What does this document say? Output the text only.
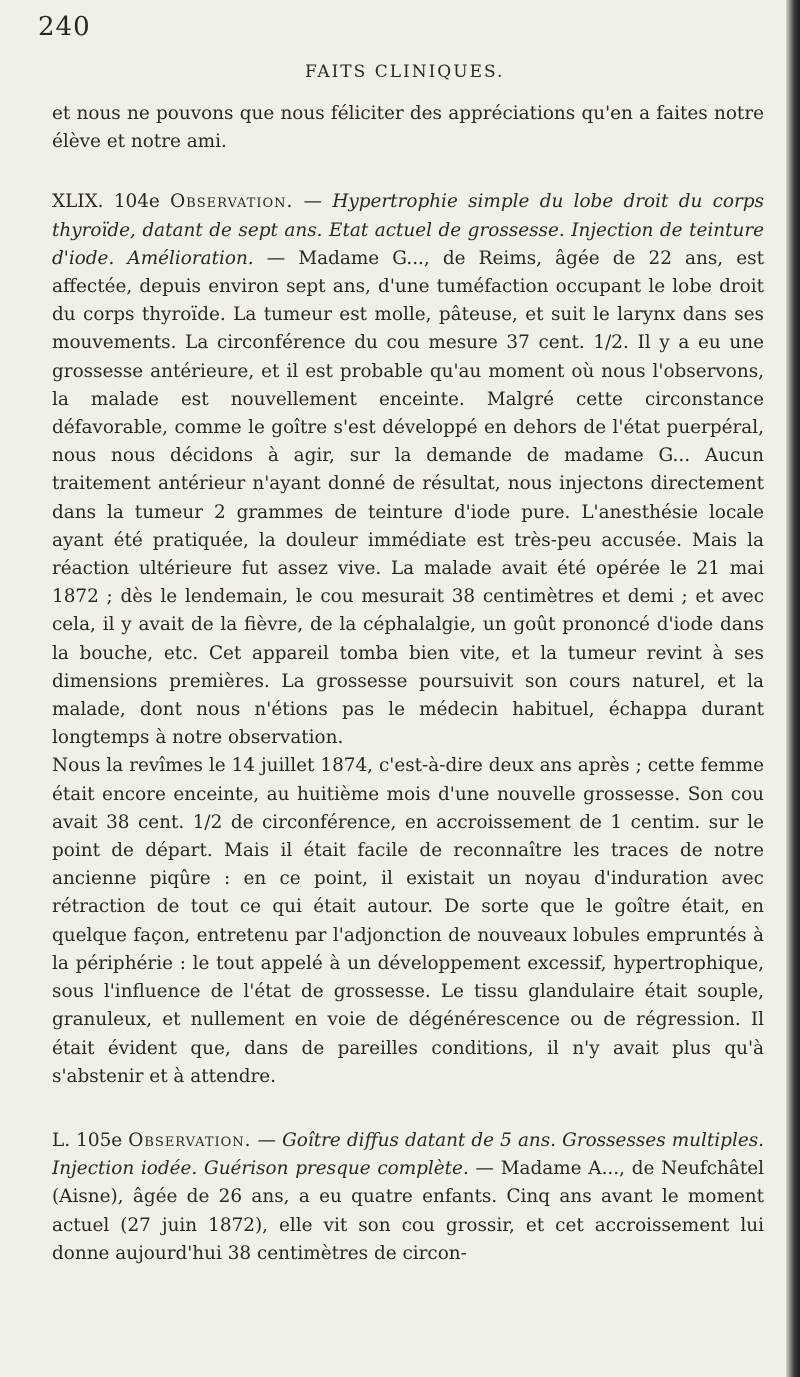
240
FAITS CLINIQUES.

et nous ne pouvons que nous féliciter des appréciations qu'en a faites notre élève et notre ami.

XLIX. 104e Observation. — Hypertrophie simple du lobe droit du corps thyroïde, datant de sept ans. Etat actuel de grossesse. Injection de teinture d'iode. Amélioration. — Madame G..., de Reims, âgée de 22 ans, est affectée, depuis environ sept ans, d'une tuméfaction occupant le lobe droit du corps thyroïde. La tumeur est molle, pâteuse, et suit le larynx dans ses mouvements. La circonférence du cou mesure 37 cent. 1/2. Il y a eu une grossesse antérieure, et il est probable qu'au moment où nous l'observons, la malade est nouvellement enceinte. Malgré cette circonstance défavorable, comme le goître s'est développé en dehors de l'état puerpéral, nous nous décidons à agir, sur la demande de madame G... Aucun traitement antérieur n'ayant donné de résultat, nous injectons directement dans la tumeur 2 grammes de teinture d'iode pure. L'anesthésie locale ayant été pratiquée, la douleur immédiate est très-peu accusée. Mais la réaction ultérieure fut assez vive. La malade avait été opérée le 21 mai 1872 ; dès le lendemain, le cou mesurait 38 centimètres et demi ; et avec cela, il y avait de la fièvre, de la céphalalgie, un goût prononcé d'iode dans la bouche, etc. Cet appareil tomba bien vite, et la tumeur revint à ses dimensions premières. La grossesse poursuivit son cours naturel, et la malade, dont nous n'étions pas le médecin habituel, échappa durant longtemps à notre observation.

Nous la revîmes le 14 juillet 1874, c'est-à-dire deux ans après ; cette femme était encore enceinte, au huitième mois d'une nouvelle grossesse. Son cou avait 38 cent. 1/2 de circonférence, en accroissement de 1 centim. sur le point de départ. Mais il était facile de reconnaître les traces de notre ancienne piqûre : en ce point, il existait un noyau d'induration avec rétraction de tout ce qui était autour. De sorte que le goître était, en quelque façon, entretenu par l'adjonction de nouveaux lobules empruntés à la périphérie : le tout appelé à un développement excessif, hypertrophique, sous l'influence de l'état de grossesse. Le tissu glandulaire était souple, granuleux, et nullement en voie de dégénérescence ou de régression. Il était évident que, dans de pareilles conditions, il n'y avait plus qu'à s'abstenir et à attendre.

L. 105e Observation. — Goître diffus datant de 5 ans. Grossesses multiples. Injection iodée. Guérison presque complète. — Madame A..., de Neufchâtel (Aisne), âgée de 26 ans, a eu quatre enfants. Cinq ans avant le moment actuel (27 juin 1872), elle vit son cou grossir, et cet accroissement lui donne aujourd'hui 38 centimètres de circon-
